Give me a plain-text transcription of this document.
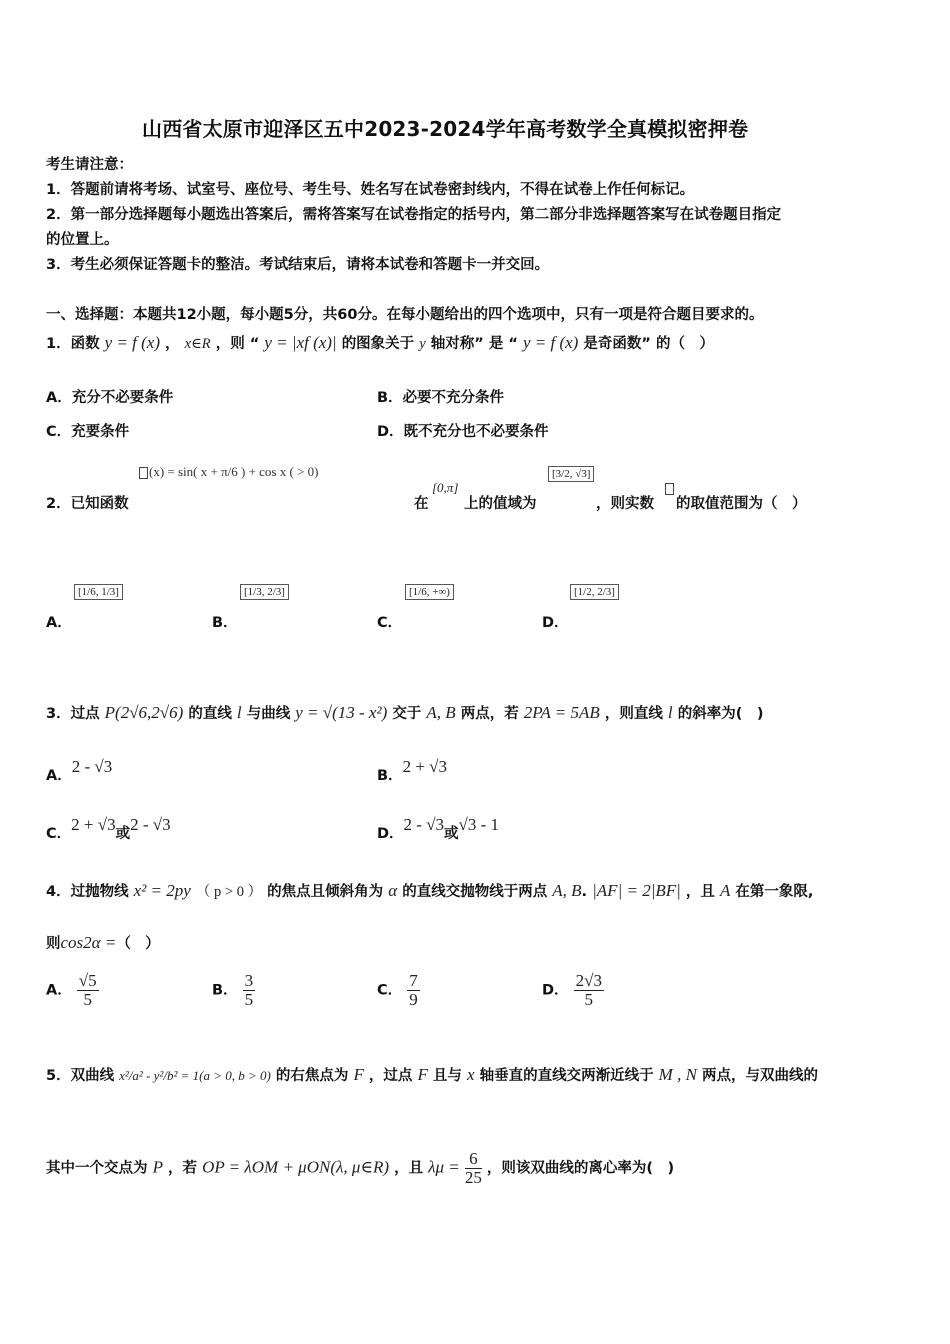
山西省太原市迎泽区五中2023-2024学年高考数学全真模拟密押卷
考生请注意：
1．答题前请将考场、试室号、座位号、考生号、姓名写在试卷密封线内，不得在试卷上作任何标记。
2．第一部分选择题每小题选出答案后，需将答案写在试卷指定的括号内，第二部分非选择题答案写在试卷题目指定
的位置上。
3．考生必须保证答题卡的整洁。考试结束后，请将本试卷和答题卡一并交回。
一、选择题：本题共12小题，每小题5分，共60分。在每小题给出的四个选项中，只有一项是符合题目要求的。
1．函数 y = f (x) ， x∈R ，则 “ y = |xf (x)| 的图象关于 y 轴对称” 是 “ y = f (x) 是奇函数” 的（　）
A．充分不必要条件	B．必要不充分条件
C．充要条件	D．既不充分也不必要条件
(x) = sin( x + π/6 ) + cos x ( > 0)
2．已知函数	在
[0,π]
上的值域为
[3/2, √3]
，则实数 的取值范围为（　）
[1/6, 1/3]
A．
[1/3, 2/3]
B．
[1/6, +∞)
C．
[1/2, 2/3]
D．
3．过点 P(2√6,2√6) 的直线 l 与曲线 y = √(13 - x²) 交于 A, B 两点，若 2PA = 5AB ，则直线 l 的斜率为(　)
A．2 - √3	B．2 + √3
C．2 + √3或2 - √3	D．2 - √3或√3 - 1
4．过抛物线 x² = 2py （ p > 0 ） 的焦点且倾斜角为 α 的直线交抛物线于两点 A, B. |AF| = 2|BF| ，且 A 在第一象限,
则cos2α =（　）
A． $\frac{√5}{5}$	B． $\frac{3}{5}$	C． $\frac{7}{9}$	D． $\frac{2√3}{5}$
5．双曲线 x²/a² - y²/b² = 1(a > 0, b > 0) 的右焦点为 F ，过点 F 且与 x 轴垂直的直线交两渐近线于 M , N 两点，与双曲线的
其中一个交点为 P ，若 OP = λOM + μON(λ, μ∈R) ，且 $\lambda\mu = \frac{6}{25}$ ，则该双曲线的离心率为(　)
